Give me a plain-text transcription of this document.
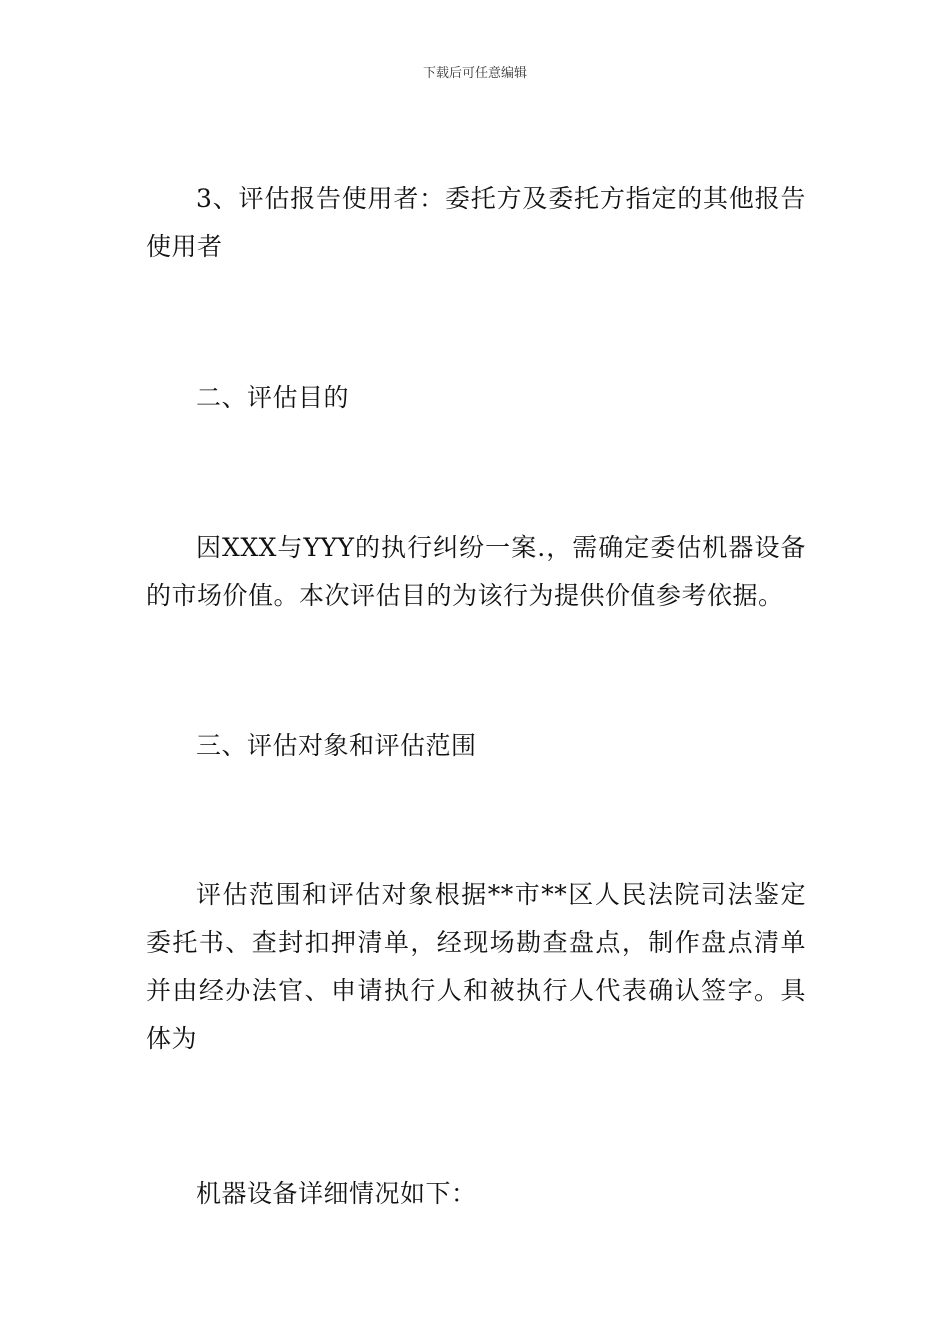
下载后可任意编辑

3、评估报告使用者：委托方及委托方指定的其他报告使用者

二、评估目的

因XXX与YYY的执行纠纷一案.，需确定委估机器设备的市场价值。本次评估目的为该行为提供价值参考依据。

三、评估对象和评估范围

评估范围和评估对象根据**市**区人民法院司法鉴定委托书、查封扣押清单，经现场勘查盘点，制作盘点清单并由经办法官、申请执行人和被执行人代表确认签字。具体为

机器设备详细情况如下：
